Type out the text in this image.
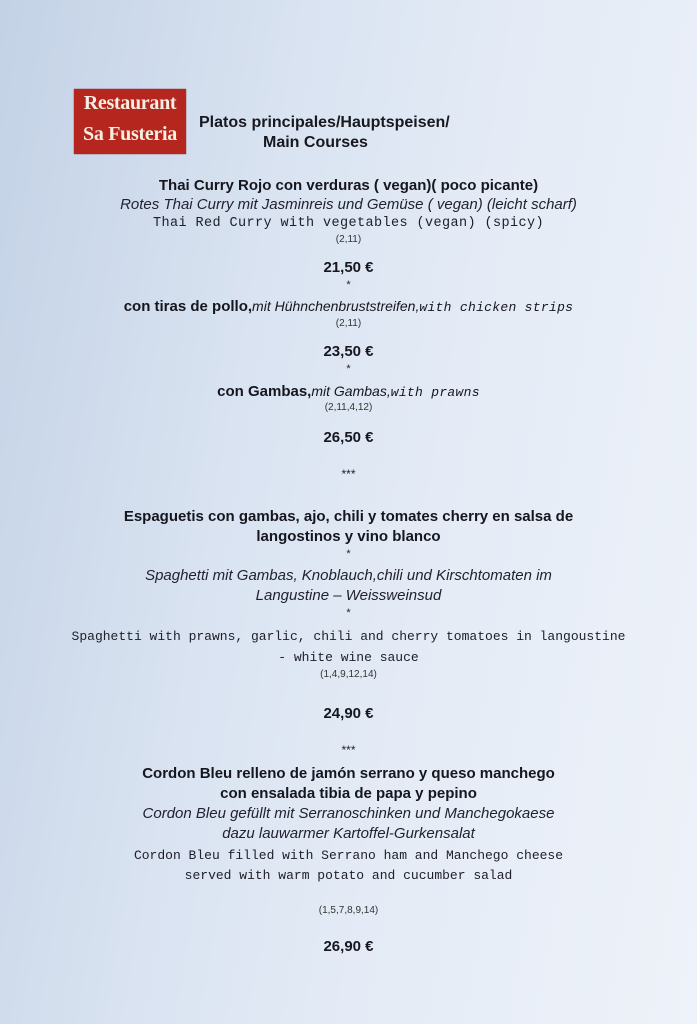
Restaurant
Sa Fusteria
Platos principales/Hauptspeisen/
Main Courses
Thai Curry Rojo con verduras ( vegan)( poco picante)
Rotes Thai Curry mit Jasminreis und Gemüse ( vegan) (leicht scharf)
Thai Red Curry with vegetables (vegan) (spicy)
(2,11)
21,50 €
*
con tiras de pollo,mit Hühnchenbruststreifen,with chicken strips
(2,11)
23,50 €
*
con Gambas,mit Gambas,with prawns
(2,11,4,12)
26,50 €
***
Espaguetis con gambas, ajo, chili y tomates cherry en salsa de
langostinos y vino blanco
*
Spaghetti mit Gambas, Knoblauch,chili und Kirschtomaten im
Langustine – Weissweinsud
*
Spaghetti with prawns, garlic, chili and cherry tomatoes in langoustine
- white wine sauce
(1,4,9,12,14)
24,90 €
***
Cordon Bleu relleno de jamón serrano y queso manchego
con ensalada tibia de papa y pepino
Cordon Bleu gefüllt mit Serranoschinken und Manchegokaese
dazu lauwarmer Kartoffel-Gurkensalat
Cordon Bleu filled with Serrano ham and Manchego cheese
served with warm potato and cucumber salad
(1,5,7,8,9,14)
26,90 €
